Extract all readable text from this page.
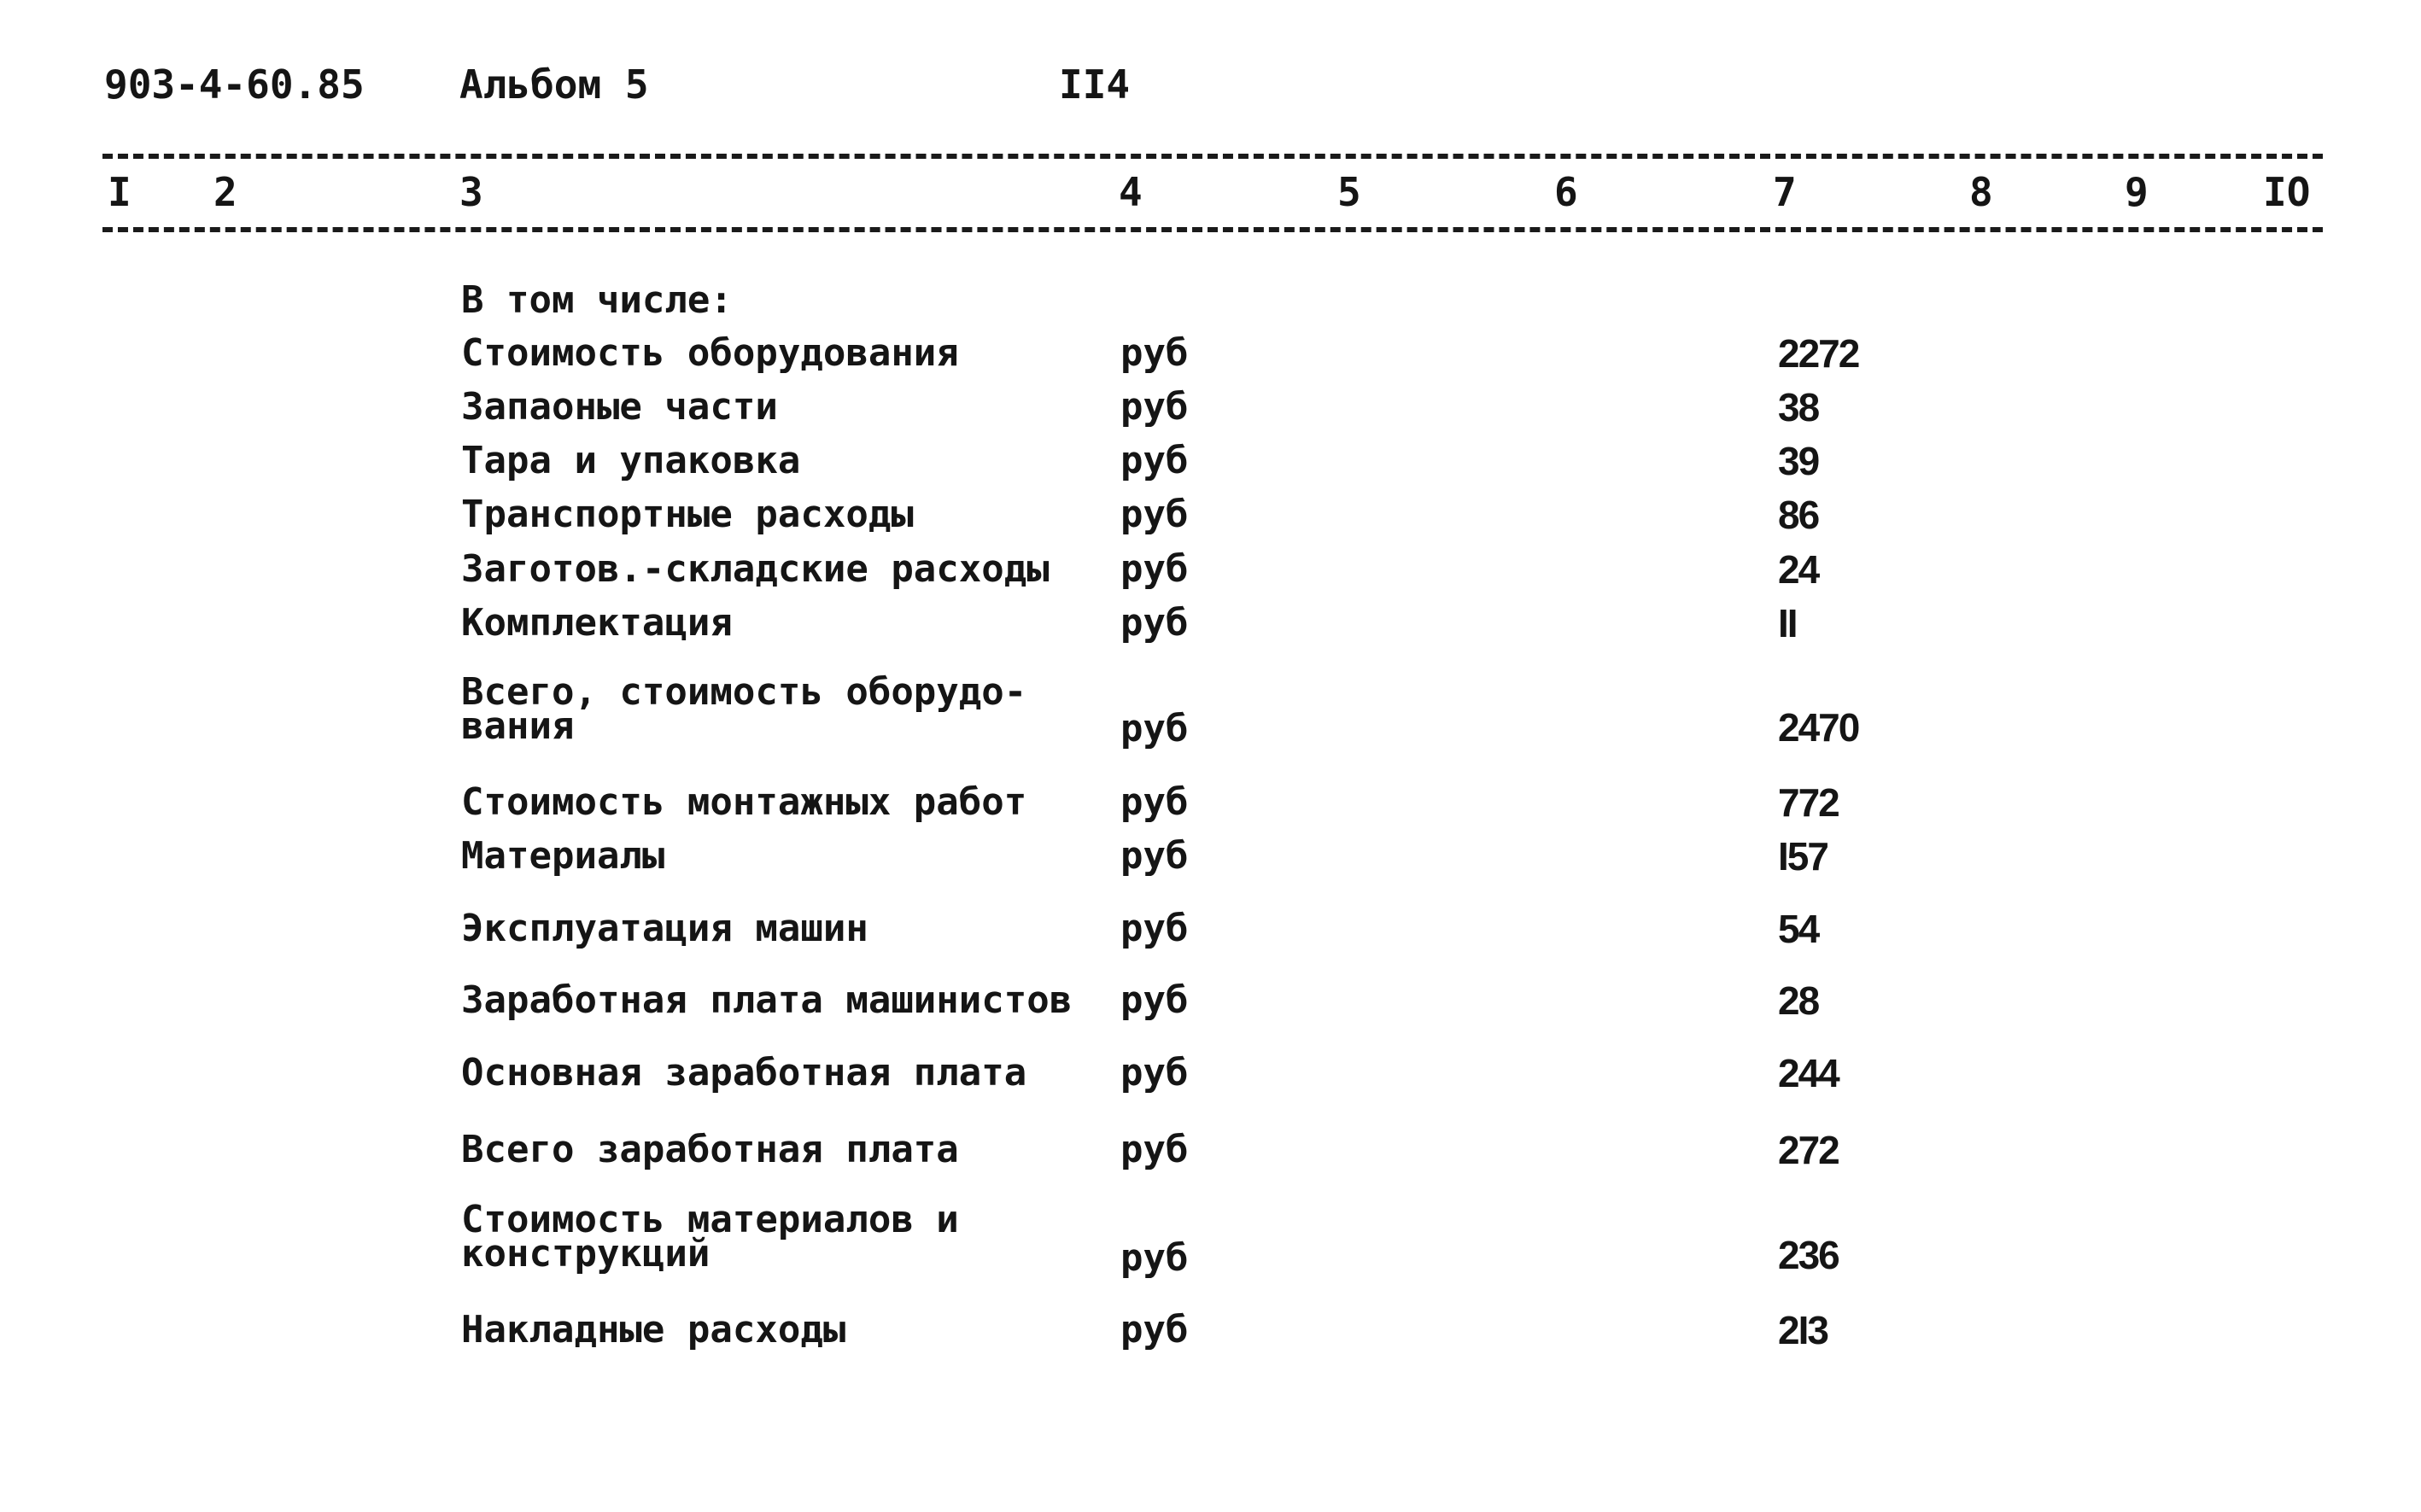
903-4-60.85 Альбом 5	II4
I 2	3	4	5	6	7	8	9	IO
В том числе:
Стоимость оборудования	руб	2272
Запаоные части	руб	38
Тара и упаковка	руб	39
Транспортные расходы	руб	86
Заготов.-складские расходы руб	24
Комплектация	руб	II
Всего, стоимость оборудо-
вания	руб	2470
Стоимость монтажных работ руб	772
Материалы	руб	I57
Эксплуатация машин	руб	54
Заработная плата машинистов руб	28
Основная заработная плата руб	244
Всего заработная плата	руб	272
Стоимость материалов и
конструкций	руб	236
Накладные расходы	руб	2I3
